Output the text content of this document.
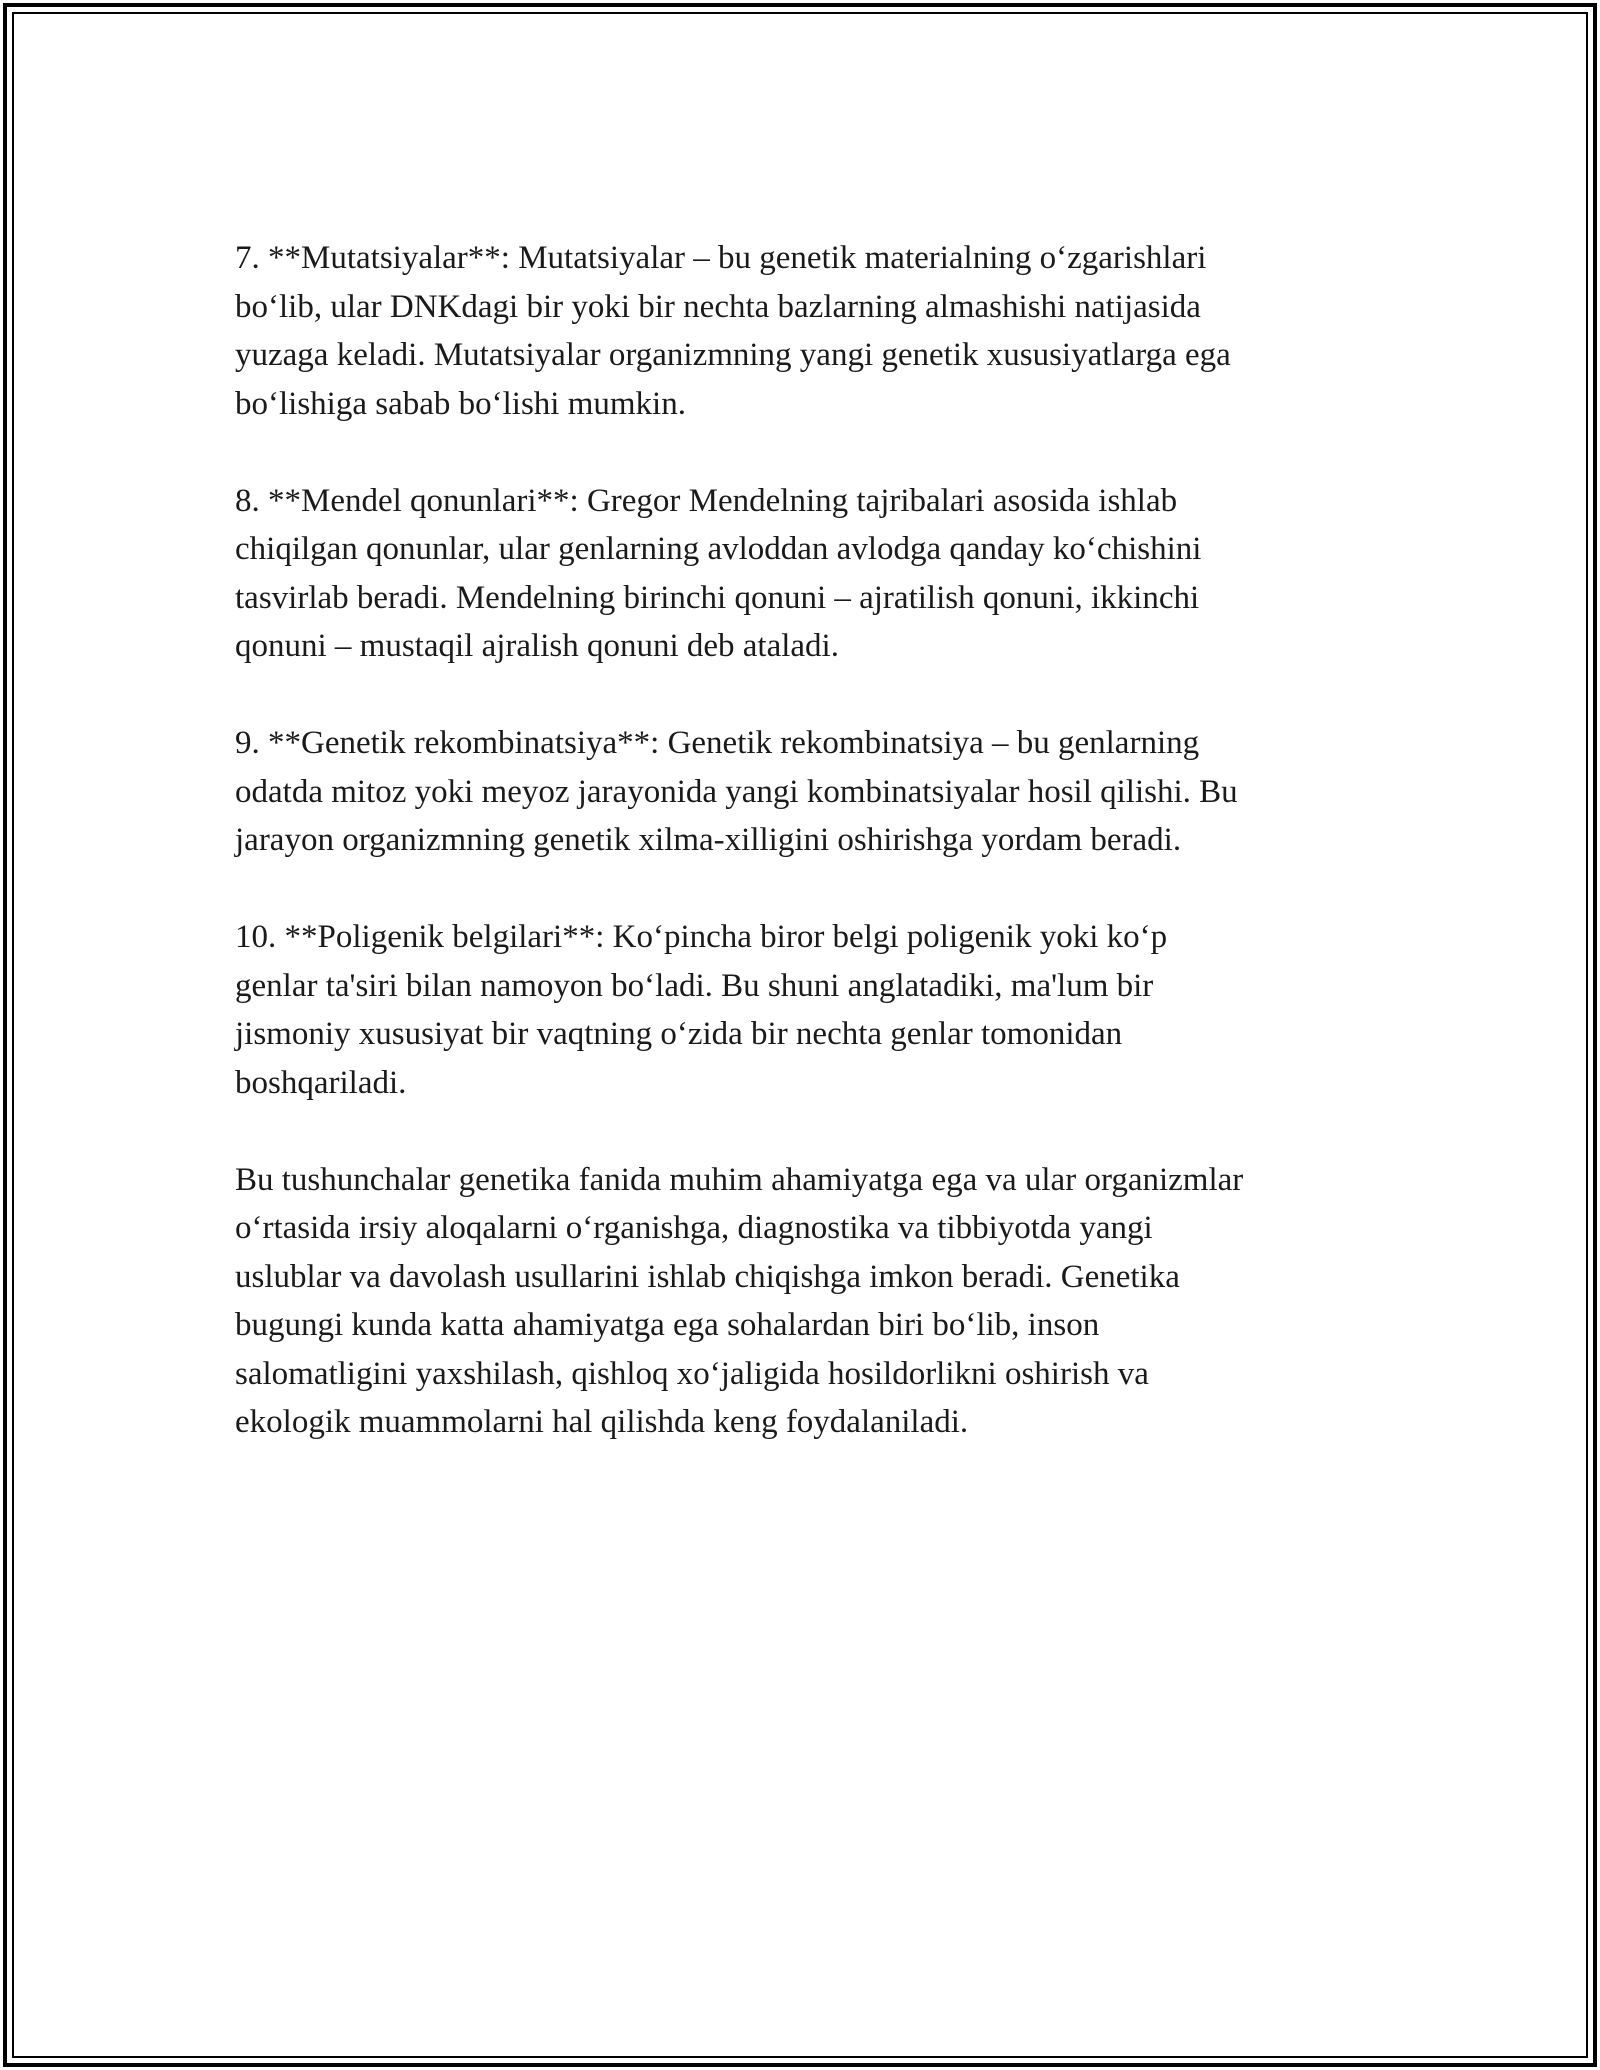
7. **Mutatsiyalar**: Mutatsiyalar – bu genetik materialning o‘zgarishlari
bo‘lib, ular DNKdagi bir yoki bir nechta bazlarning almashishi natijasida
yuzaga keladi. Mutatsiyalar organizmning yangi genetik xususiyatlarga ega
bo‘lishiga sabab bo‘lishi mumkin.

8. **Mendel qonunlari**: Gregor Mendelning tajribalari asosida ishlab
chiqilgan qonunlar, ular genlarning avloddan avlodga qanday ko‘chishini
tasvirlab beradi. Mendelning birinchi qonuni – ajratilish qonuni, ikkinchi
qonuni – mustaqil ajralish qonuni deb ataladi.

9. **Genetik rekombinatsiya**: Genetik rekombinatsiya – bu genlarning
odatda mitoz yoki meyoz jarayonida yangi kombinatsiyalar hosil qilishi. Bu
jarayon organizmning genetik xilma-xilligini oshirishga yordam beradi.

10. **Poligenik belgilari**: Ko‘pincha biror belgi poligenik yoki ko‘p
genlar ta'siri bilan namoyon bo‘ladi. Bu shuni anglatadiki, ma'lum bir
jismoniy xususiyat bir vaqtning o‘zida bir nechta genlar tomonidan
boshqariladi.

Bu tushunchalar genetika fanida muhim ahamiyatga ega va ular organizmlar
o‘rtasida irsiy aloqalarni o‘rganishga, diagnostika va tibbiyotda yangi
uslublar va davolash usullarini ishlab chiqishga imkon beradi. Genetika
bugungi kunda katta ahamiyatga ega sohalardan biri bo‘lib, inson
salomatligini yaxshilash, qishloq xo‘jaligida hosildorlikni oshirish va
ekologik muammolarni hal qilishda keng foydalaniladi.
